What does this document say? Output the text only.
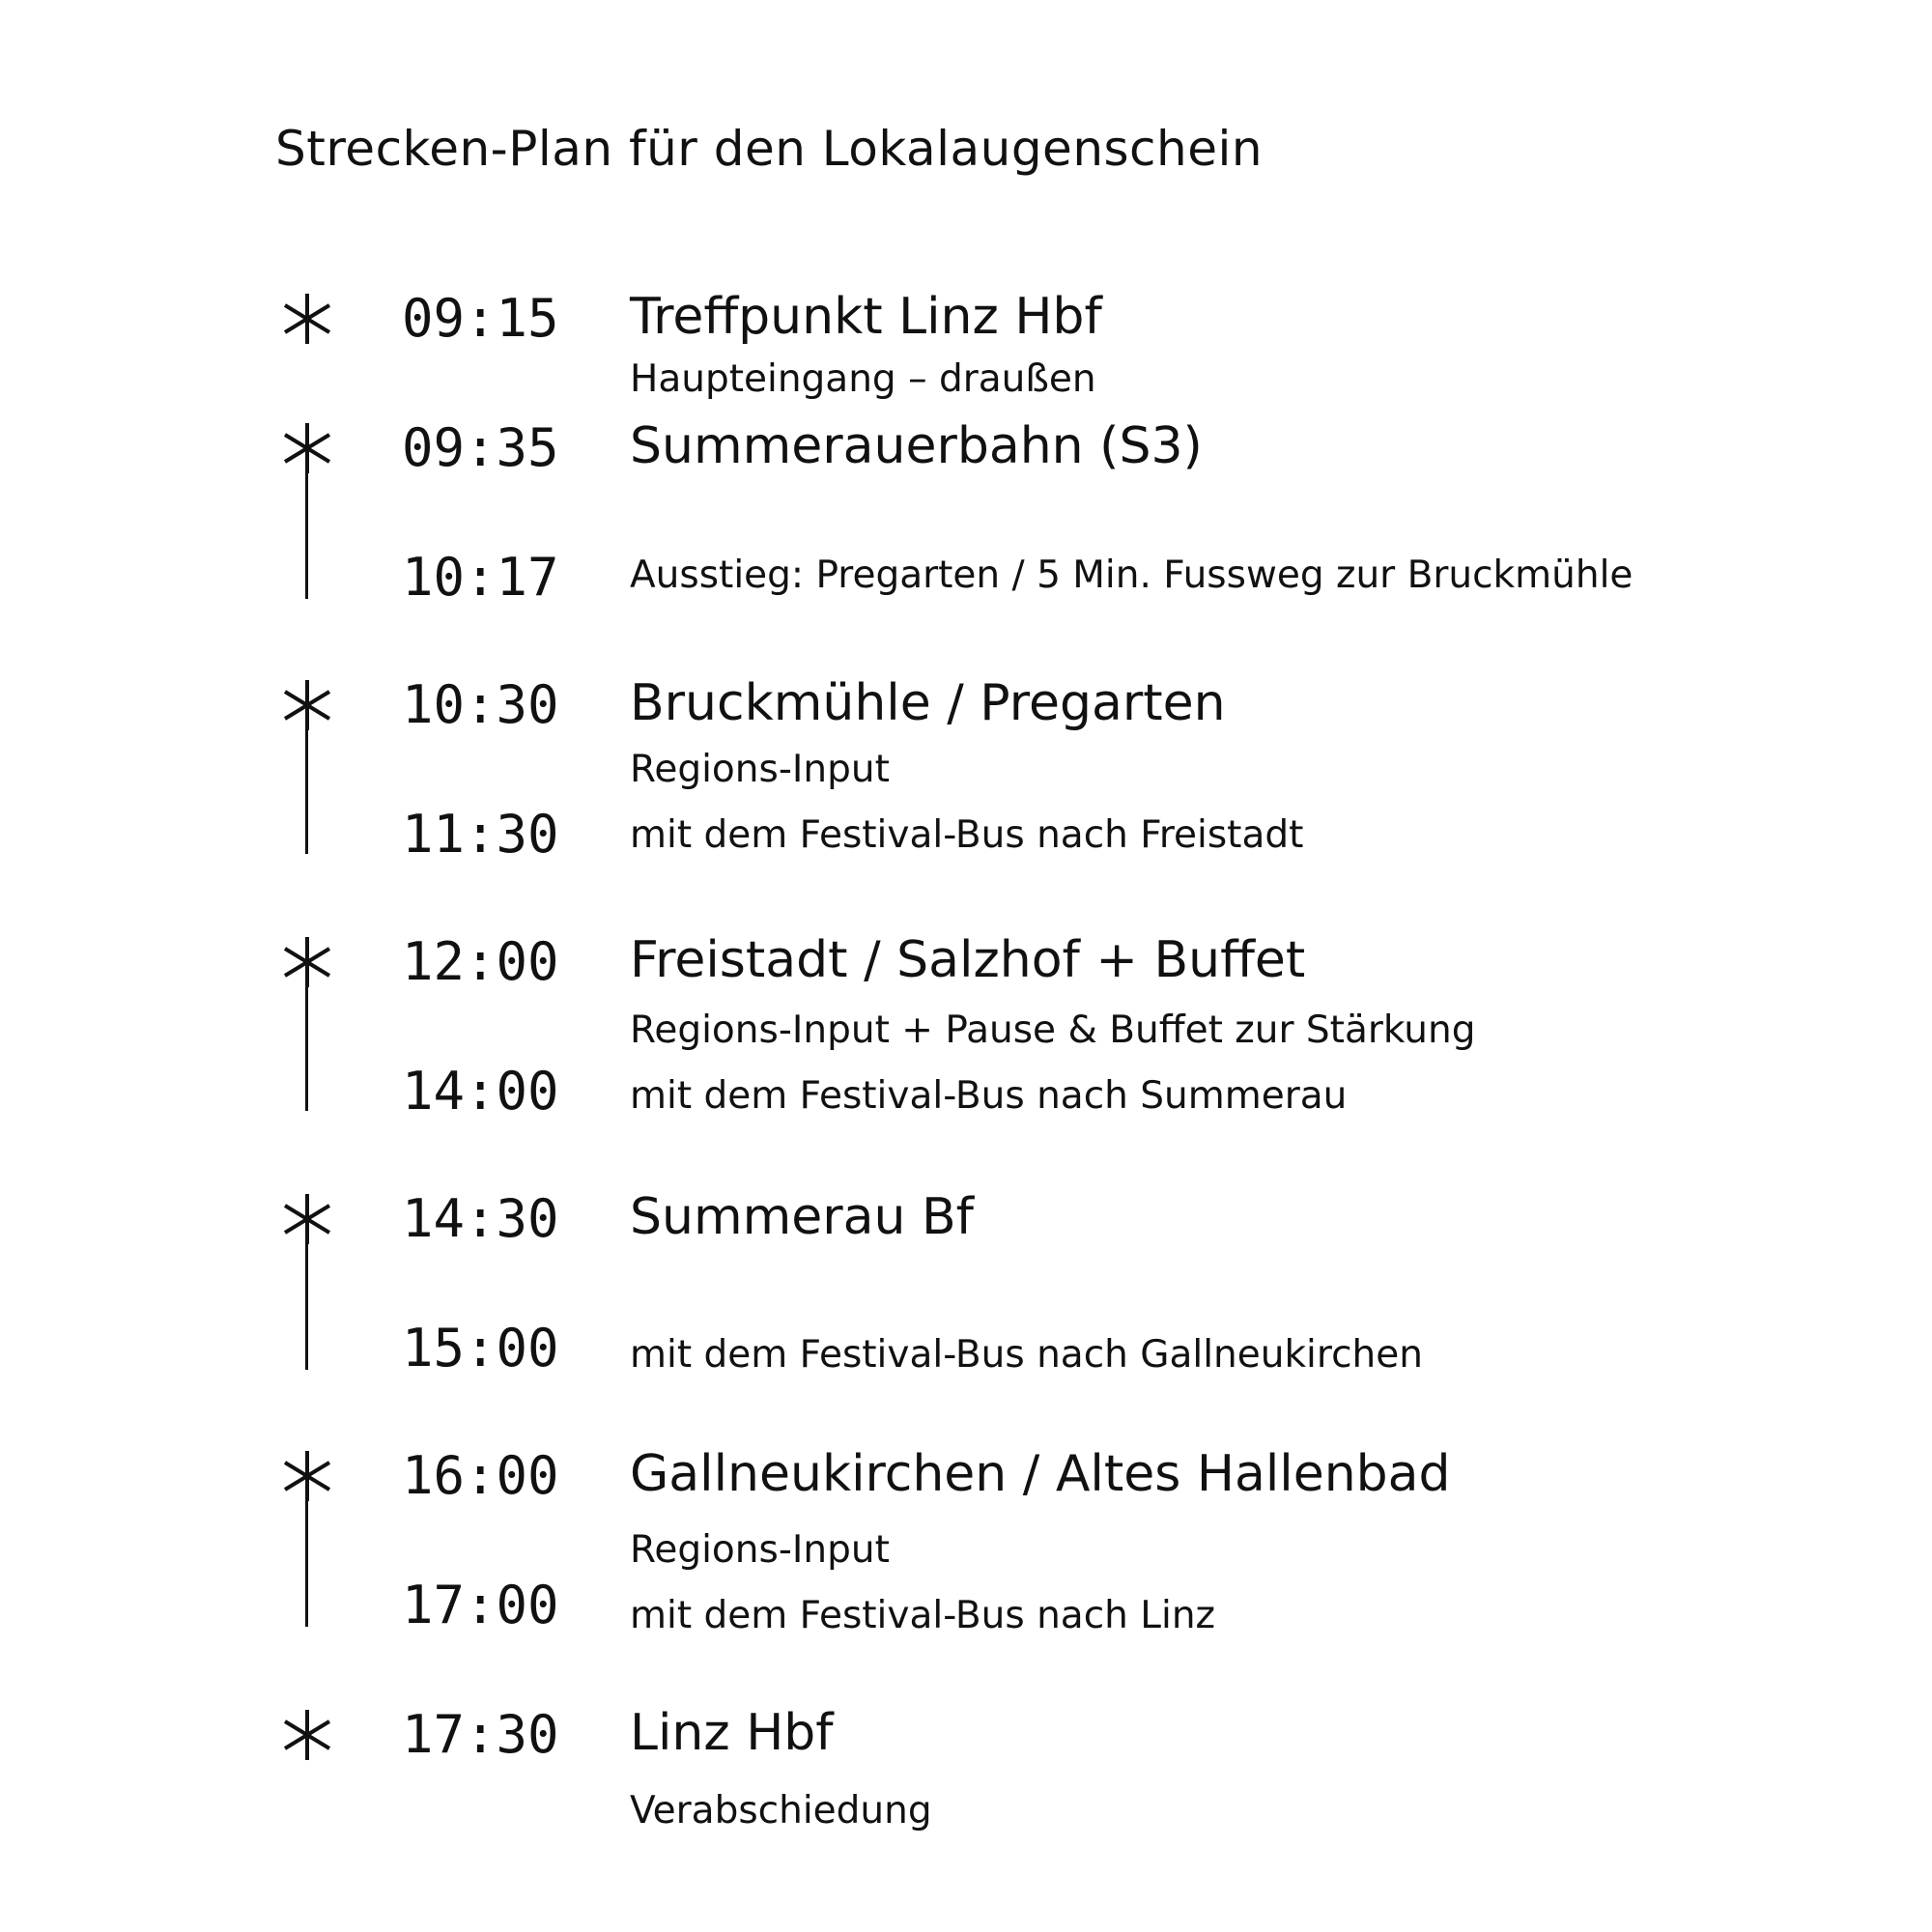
Strecken-Plan für den Lokalaugenschein
09:15 Treffpunkt Linz Hbf
Haupteingang – draußen
09:35 Summerauerbahn (S3)
10:17 Ausstieg: Pregarten / 5 Min. Fussweg zur Bruckmühle
10:30 Bruckmühle / Pregarten
Regions-Input
11:30 mit dem Festival-Bus nach Freistadt
12:00 Freistadt / Salzhof + Buffet
Regions-Input + Pause & Buffet zur Stärkung
14:00 mit dem Festival-Bus nach Summerau
14:30 Summerau Bf
15:00 mit dem Festival-Bus nach Gallneukirchen
16:00 Gallneukirchen / Altes Hallenbad
Regions-Input
17:00 mit dem Festival-Bus nach Linz
17:30 Linz Hbf
Verabschiedung
